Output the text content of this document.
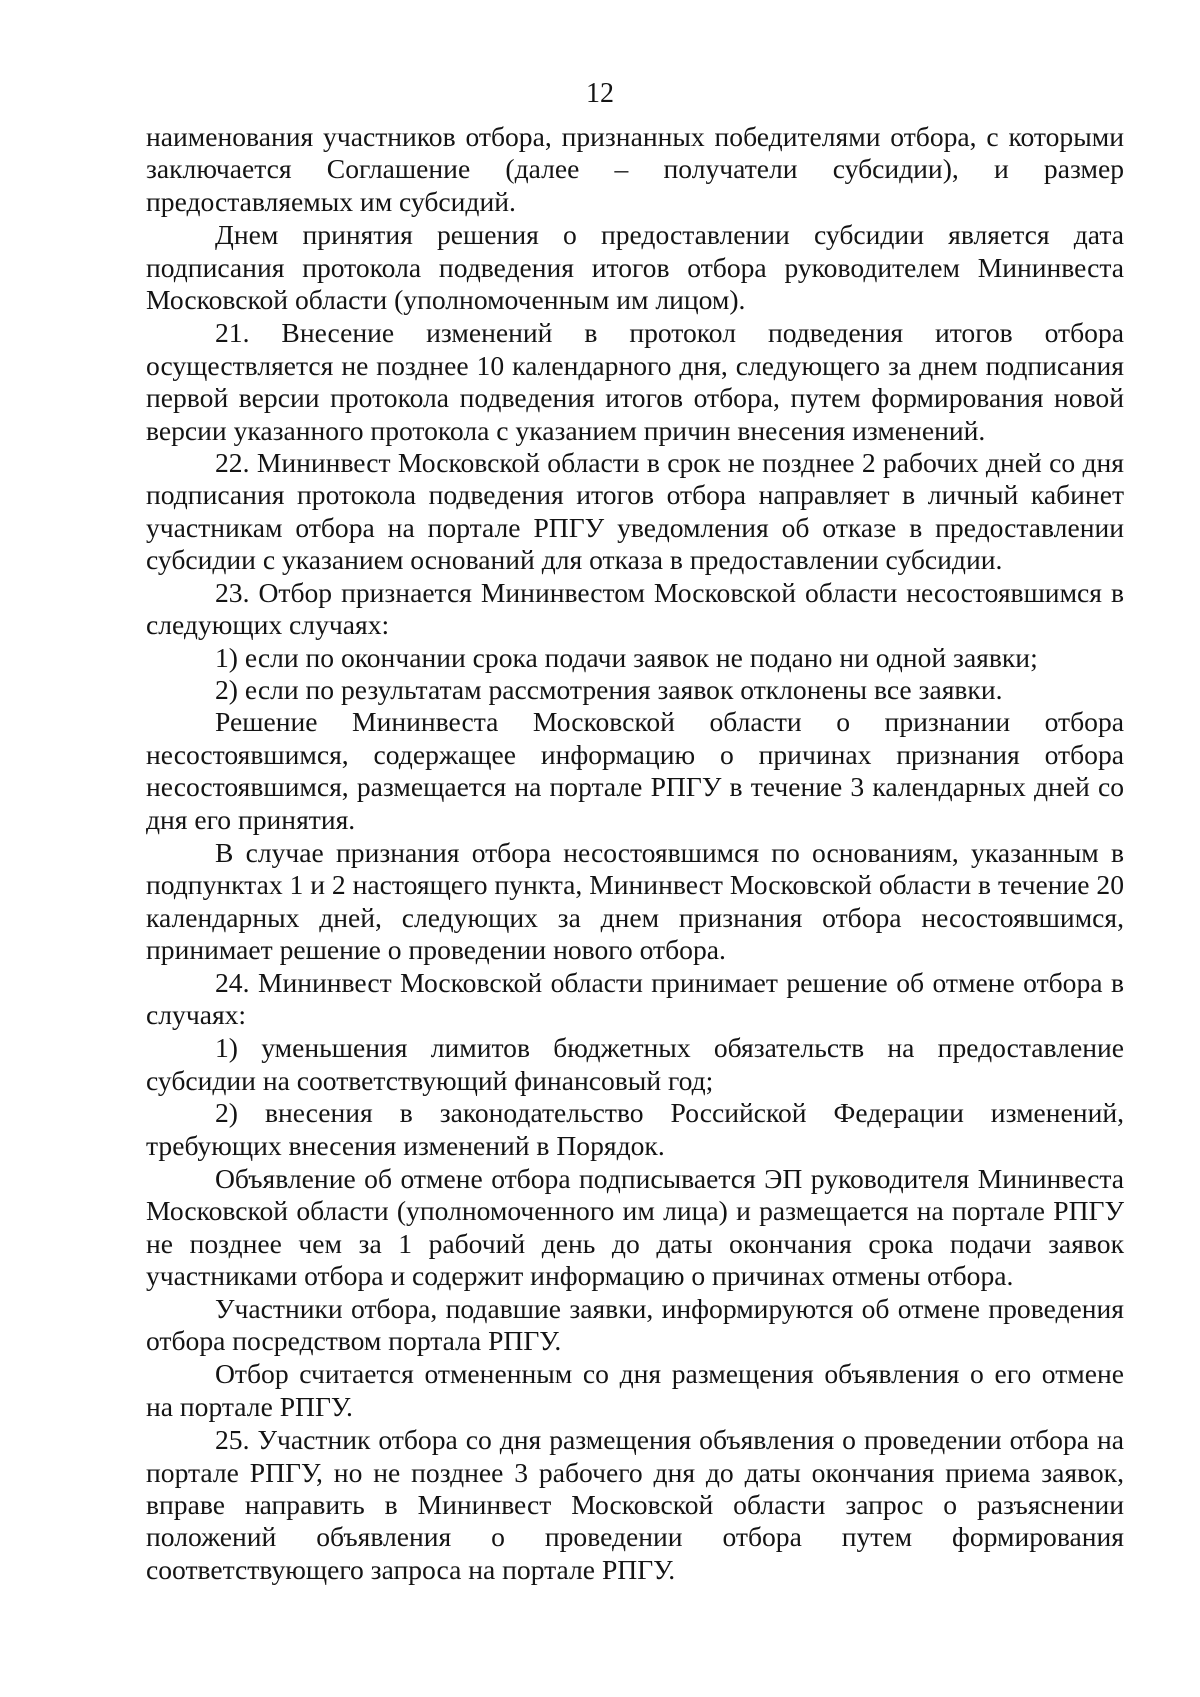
12

наименования участников отбора, признанных победителями отбора, с которыми заключается Соглашение (далее – получатели субсидии), и размер предоставляемых им субсидий.

Днем принятия решения о предоставлении субсидии является дата подписания протокола подведения итогов отбора руководителем Мининвеста Московской области (уполномоченным им лицом).

21. Внесение изменений в протокол подведения итогов отбора осуществляется не позднее 10 календарного дня, следующего за днем подписания первой версии протокола подведения итогов отбора, путем формирования новой версии указанного протокола с указанием причин внесения изменений.

22. Мининвест Московской области в срок не позднее 2 рабочих дней со дня подписания протокола подведения итогов отбора направляет в личный кабинет участникам отбора на портале РПГУ уведомления об отказе в предоставлении субсидии с указанием оснований для отказа в предоставлении субсидии.

23. Отбор признается Мининвестом Московской области несостоявшимся в следующих случаях:

1) если по окончании срока подачи заявок не подано ни одной заявки;

2) если по результатам рассмотрения заявок отклонены все заявки.

Решение Мининвеста Московской области о признании отбора несостоявшимся, содержащее информацию о причинах признания отбора несостоявшимся, размещается на портале РПГУ в течение 3 календарных дней со дня его принятия.

В случае признания отбора несостоявшимся по основаниям, указанным в подпунктах 1 и 2 настоящего пункта, Мининвест Московской области в течение 20 календарных дней, следующих за днем признания отбора несостоявшимся, принимает решение о проведении нового отбора.

24. Мининвест Московской области принимает решение об отмене отбора в случаях:

1) уменьшения лимитов бюджетных обязательств на предоставление субсидии на соответствующий финансовый год;

2) внесения в законодательство Российской Федерации изменений, требующих внесения изменений в Порядок.

Объявление об отмене отбора подписывается ЭП руководителя Мининвеста Московской области (уполномоченного им лица) и размещается на портале РПГУ не позднее чем за 1 рабочий день до даты окончания срока подачи заявок участниками отбора и содержит информацию о причинах отмены отбора.

Участники отбора, подавшие заявки, информируются об отмене проведения отбора посредством портала РПГУ.

Отбор считается отмененным со дня размещения объявления о его отмене на портале РПГУ.

25. Участник отбора со дня размещения объявления о проведении отбора на портале РПГУ, но не позднее 3 рабочего дня до даты окончания приема заявок, вправе направить в Мининвест Московской области запрос о разъяснении положений объявления о проведении отбора путем формирования соответствующего запроса на портале РПГУ.
